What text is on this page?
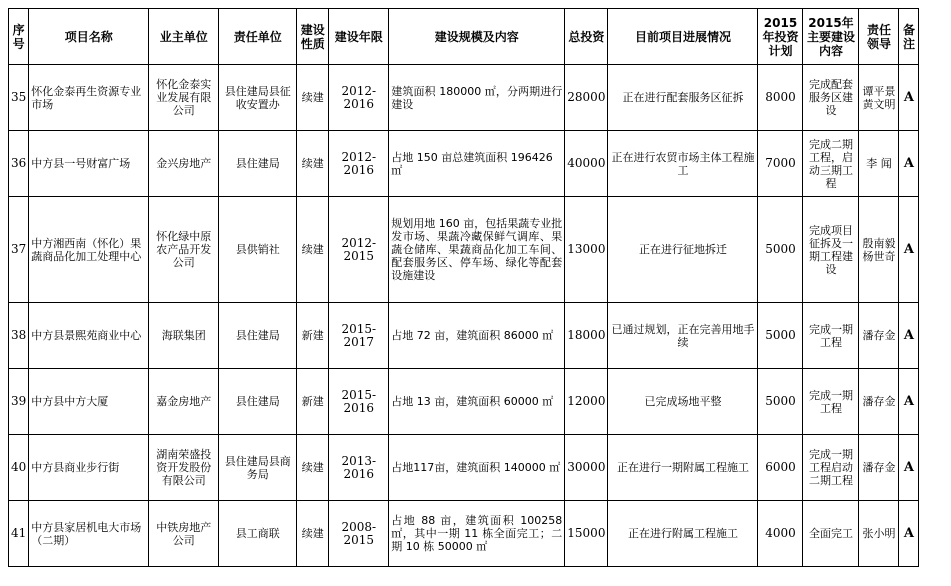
序号	项目名称	业主单位	责任单位	建设性质	建设年限	建设规模及内容	总投资	目前项目进展情况	2015年投资计划	2015年主要建设内容	责任领导	备注
35	怀化金泰再生资源专业市场	怀化金泰实业发展有限公司	县住建局县征收安置办	续建	2012-2016	建筑面积 180000 ㎡，分两期进行建设	28000	正在进行配套服务区征拆	8000	完成配套服务区建设	谭平景黄文明	A
36	中方县一号财富广场	金兴房地产	县住建局	续建	2012-2016	占地 150 亩总建筑面积 196426 ㎡	40000	正在进行农贸市场主体工程施工	7000	完成二期工程，启动三期工程	李 闻	A
37	中方湘西南（怀化）果蔬商品化加工处理中心	怀化绿中原农产品开发公司	县供销社	续建	2012-2015	规划用地 160 亩，包括果蔬专业批发市场、果蔬冷藏保鲜气调库、果蔬仓储库、果蔬商品化加工车间、配套服务区、停车场、绿化等配套设施建设	13000	正在进行征地拆迁	5000	完成项目征拆及一期工程建设	殷南毅杨世奇	A
38	中方县景熙苑商业中心	海联集团	县住建局	新建	2015-2017	占地 72 亩，建筑面积 86000 ㎡	18000	已通过规划，正在完善用地手续	5000	完成一期工程	潘存金	A
39	中方县中方大厦	嘉金房地产	县住建局	新建	2015-2016	占地 13 亩，建筑面积 60000 ㎡	12000	已完成场地平整	5000	完成一期工程	潘存金	A
40	中方县商业步行街	湖南荣盛投资开发股份有限公司	县住建局县商务局	续建	2013-2016	占地117亩，建筑面积 140000 ㎡	30000	正在进行一期附属工程施工	6000	完成一期工程启动二期工程	潘存金	A
41	中方县家居机电大市场（二期）	中铁房地产公司	县工商联	续建	2008-2015	占地 88 亩，建筑面积 100258㎡，其中一期 11 栋全面完工；二期 10 栋 50000 ㎡	15000	正在进行附属工程施工	4000	全面完工	张小明	A
